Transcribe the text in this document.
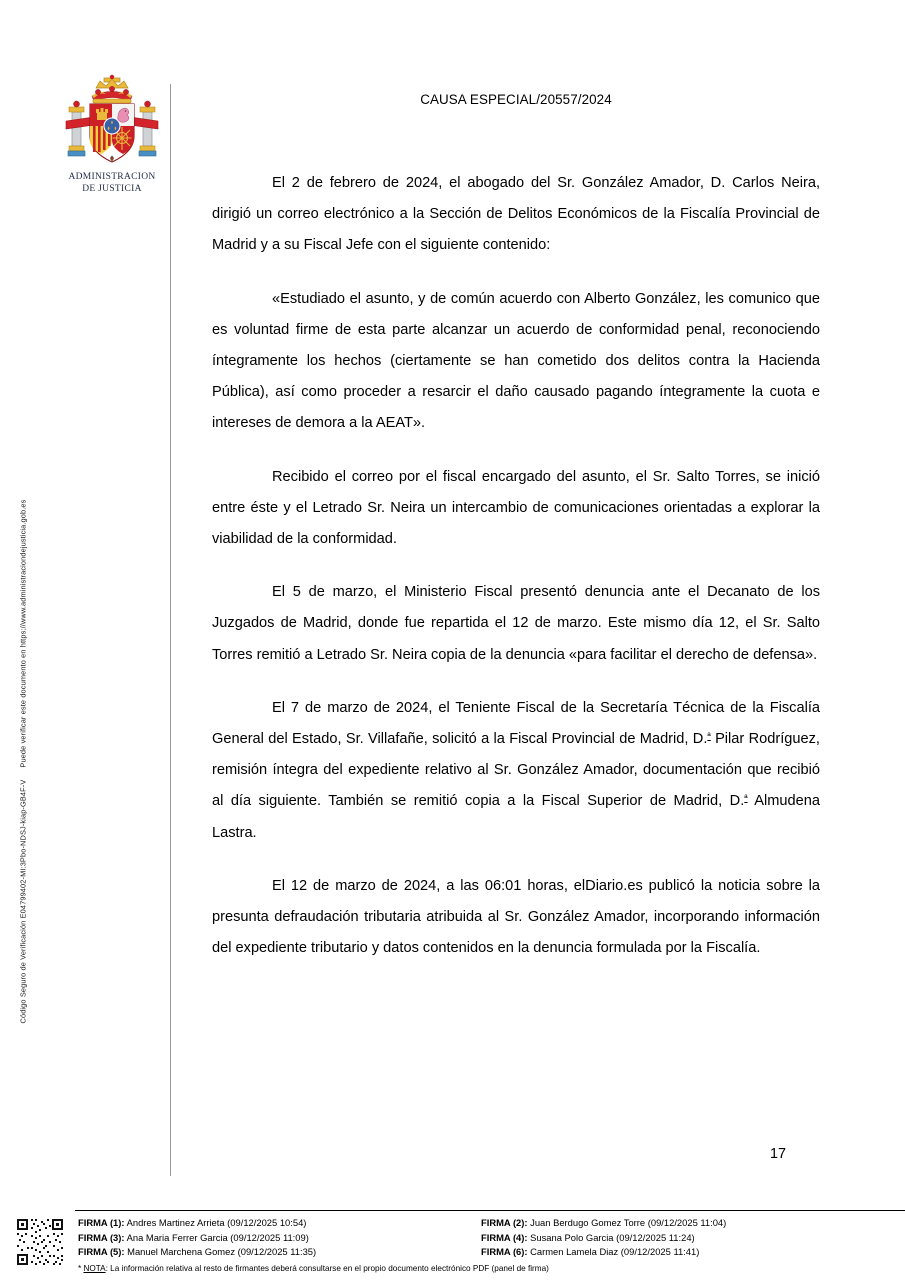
Código Seguro de Verificación E04799402-MI:3Pbo-NDSJ-kiap-GB4F-VPuede verificar este documento en https://www.administraciondejusticia.gob.es
ADMINISTRACION
DE JUSTICIA
CAUSA ESPECIAL/20557/2024

El 2 de febrero de 2024, el abogado del Sr. González Amador, D. Carlos Neira, dirigió un correo electrónico a la Sección de Delitos Económicos de la Fiscalía Provincial de Madrid y a su Fiscal Jefe con el siguiente contenido:

«Estudiado el asunto, y de común acuerdo con Alberto González, les comunico que es voluntad firme de esta parte alcanzar un acuerdo de conformidad penal, reconociendo íntegramente los hechos (ciertamente se han cometido dos delitos contra la Hacienda Pública), así como proceder a resarcir el daño causado pagando íntegramente la cuota e intereses de demora a la AEAT».

Recibido el correo por el fiscal encargado del asunto, el Sr. Salto Torres, se inició entre éste y el Letrado Sr. Neira un intercambio de comunicaciones orientadas a explorar la viabilidad de la conformidad.

El 5 de marzo, el Ministerio Fiscal presentó denuncia ante el Decanato de los Juzgados de Madrid, donde fue repartida el 12 de marzo. Este mismo día 12, el Sr. Salto Torres remitió a Letrado Sr. Neira copia de la denuncia «para facilitar el derecho de defensa».

El 7 de marzo de 2024, el Teniente Fiscal de la Secretaría Técnica de la Fiscalía General del Estado, Sr. Villafañe, solicitó a la Fiscal Provincial de Madrid, D.$^ª$ Pilar Rodríguez, remisión íntegra del expediente relativo al Sr. González Amador, documentación que recibió al día siguiente. También se remitió copia a la Fiscal Superior de Madrid, D.$^ª$ Almudena Lastra.

El 12 de marzo de 2024, a las 06:01 horas, elDiario.es publicó la noticia sobre la presunta defraudación tributaria atribuida al Sr. González Amador, incorporando información del expediente tributario y datos contenidos en la denuncia formulada por la Fiscalía.

17
FIRMA (1): Andres Martinez Arrieta (09/12/2025 10:54)
FIRMA (3): Ana Maria Ferrer Garcia (09/12/2025 11:09)
FIRMA (5): Manuel Marchena Gomez (09/12/2025 11:35)
FIRMA (2): Juan Berdugo Gomez Torre (09/12/2025 11:04)
FIRMA (4): Susana Polo Garcia (09/12/2025 11:24)
FIRMA (6): Carmen Lamela Diaz (09/12/2025 11:41)
* NOTA: La información relativa al resto de firmantes deberá consultarse en el propio documento electrónico PDF (panel de firma)
